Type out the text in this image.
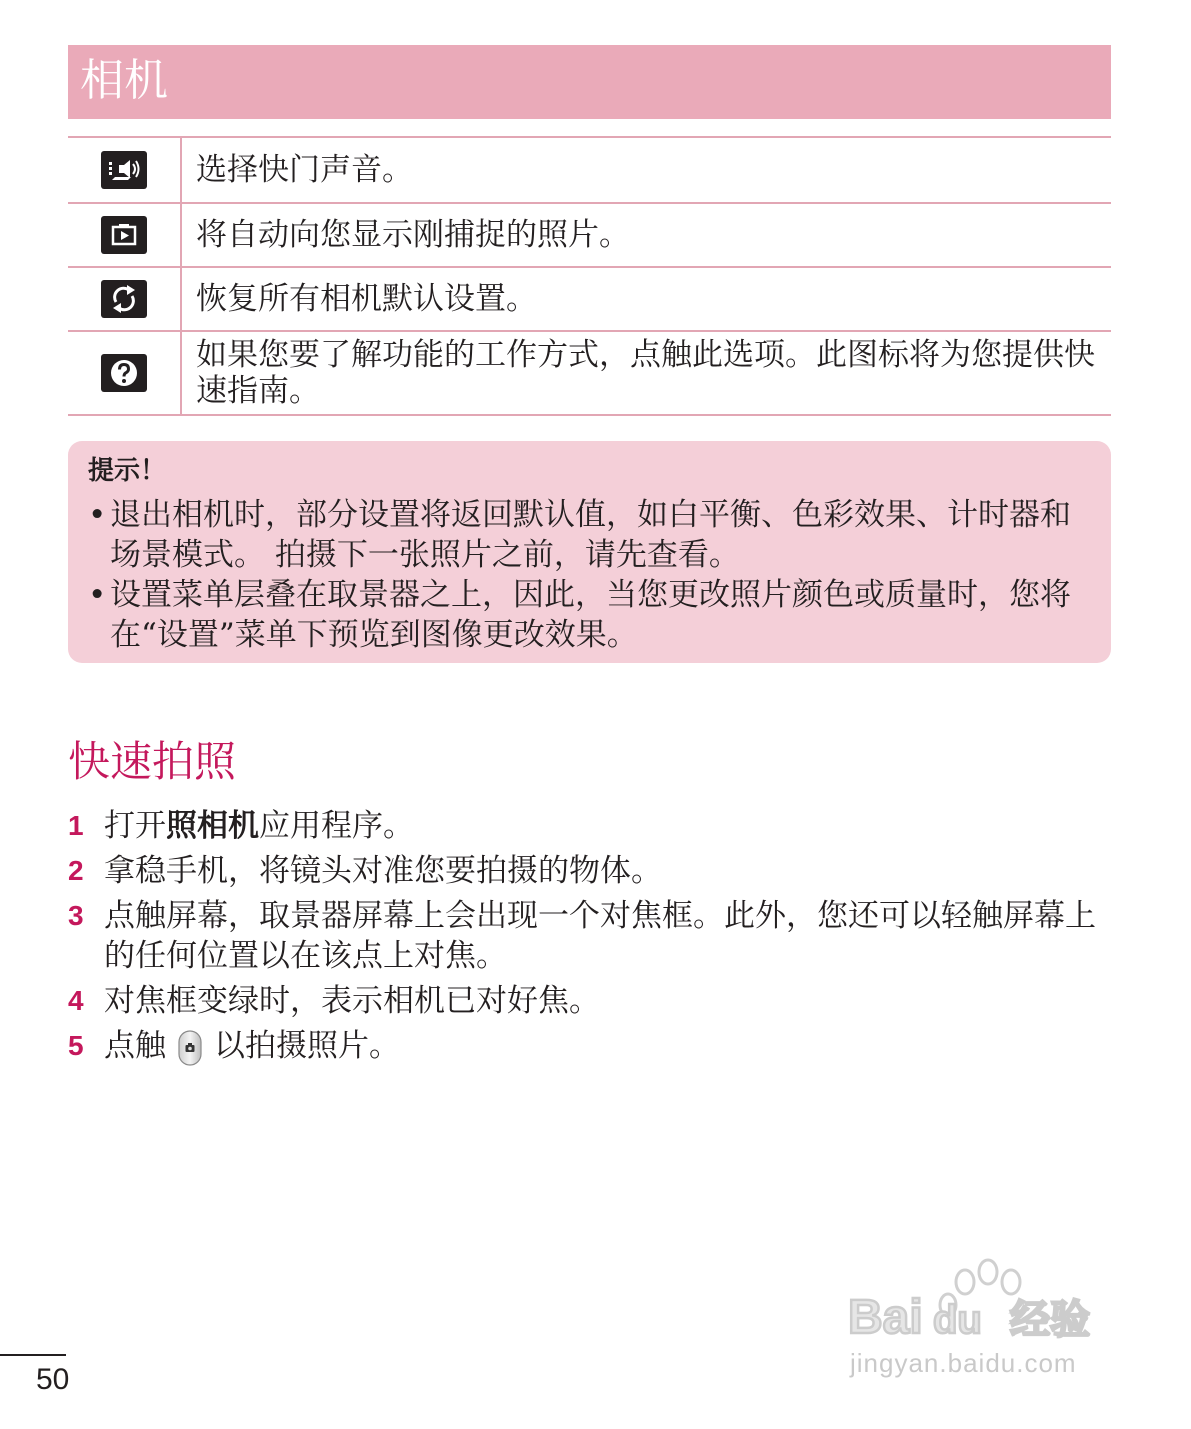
相机
选择快门声音。
将自动向您显示刚捕捉的照片。
恢复所有相机默认设置。
如果您要了解功能的工作方式，点触此选项。此图标将为您提供快速指南。
提示！
• 退出相机时，部分设置将返回默认值，如白平衡、色彩效果、计时器和场景模式。 拍摄下一张照片之前，请先查看。
• 设置菜单层叠在取景器之上，因此，当您更改照片颜色或质量时，您将在“设置”菜单下预览到图像更改效果。
快速拍照
1 打开照相机应用程序。
2 拿稳手机，将镜头对准您要拍摄的物体。
3 点触屏幕，取景器屏幕上会出现一个对焦框。此外，您还可以轻触屏幕上的任何位置以在该点上对焦。
4 对焦框变绿时，表示相机已对好焦。
5 点触 以拍摄照片。
Bai du 经验
jingyan.baidu.com
50
